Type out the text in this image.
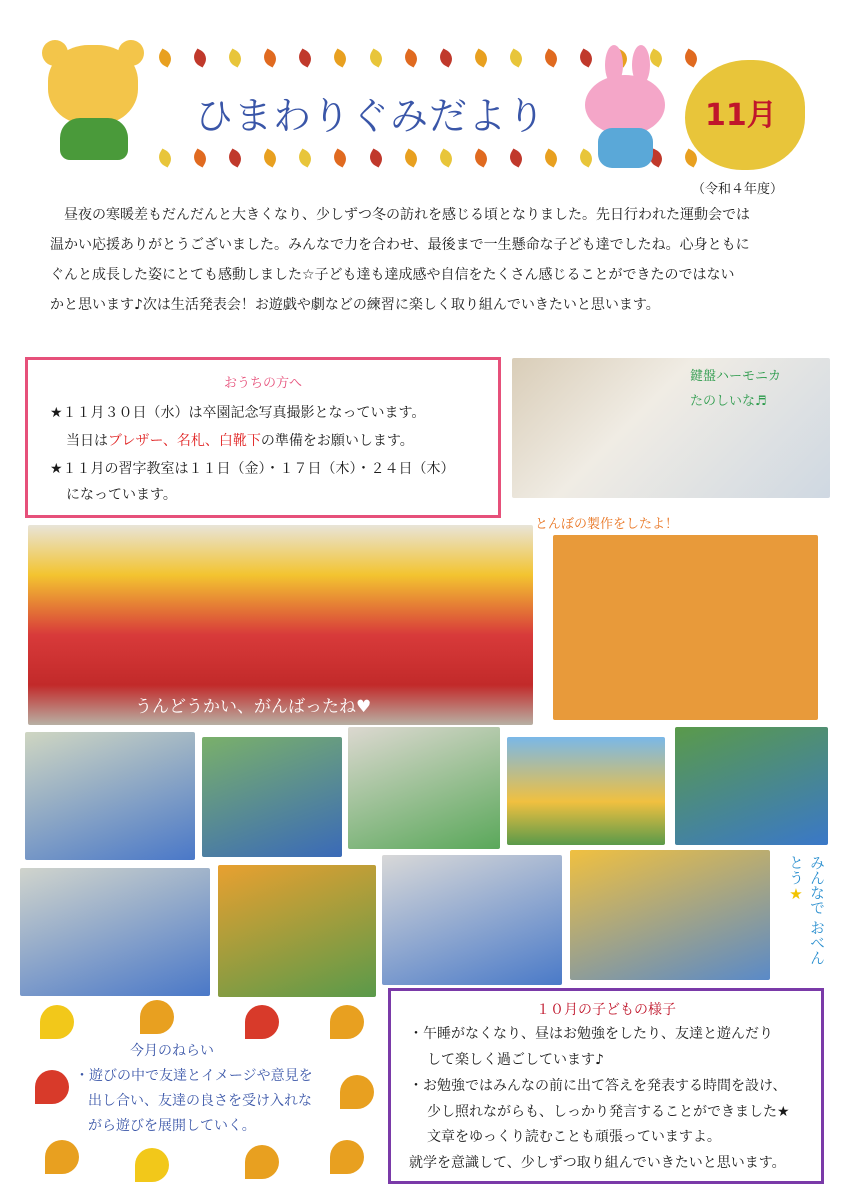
ひまわりぐみだより	11月
（令和４年度）

昼夜の寒暖差もだんだんと大きくなり、少しずつ冬の訪れを感じる頃となりました。先日行われた運動会では

温かい応援ありがとうございました。みんなで力を合わせ、最後まで一生懸命な子ども達でしたね。心身ともに

ぐんと成長した姿にとても感動しました☆子ども達も達成感や自信をたくさん感じることができたのではない

かと思います♪次は生活発表会！お遊戯や劇などの練習に楽しく取り組んでいきたいと思います。

おうちの方へ
★１１月３０日（水）は卒園記念写真撮影となっています。
当日はブレザー、名札、白靴下の準備をお願いします。
★１１月の習字教室は１１日（金）・１７日（木）・２４日（木）
になっています。
鍵盤ハーモニカ
たのしいな♬
とんぼの製作をしたよ！
うんどうかい、がんばったね♥
みんなで おべんとう★
今月のねらい
・遊びの中で友達とイメージや意見を
出し合い、友達の良さを受け入れな
がら遊びを展開していく。
１０月の子どもの様子
・午睡がなくなり、昼はお勉強をしたり、友達と遊んだり
して楽しく過ごしています♪
・お勉強ではみんなの前に出て答えを発表する時間を設け、
少し照れながらも、しっかり発言することができました★
文章をゆっくり読むことも頑張っていますよ。
就学を意識して、少しずつ取り組んでいきたいと思います。
